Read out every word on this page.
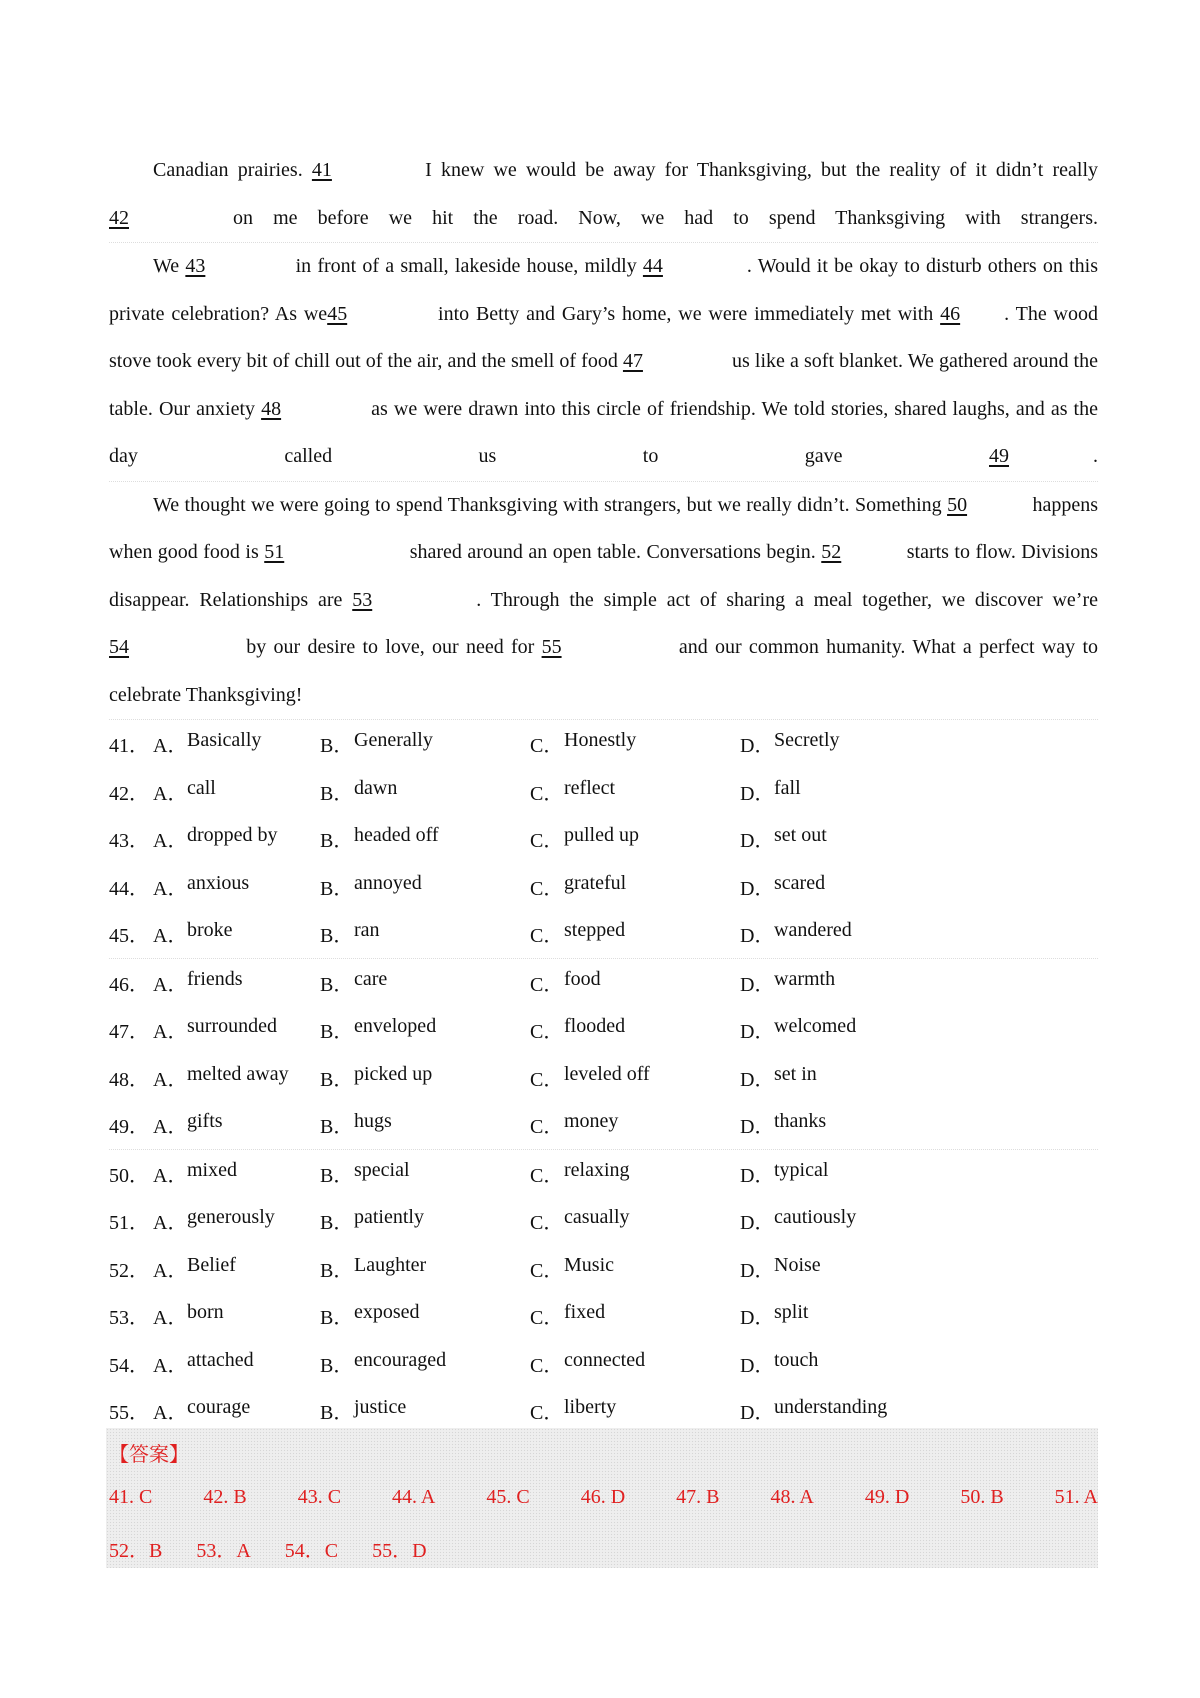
Canadian prairies. 41	I knew we would be away for Thanksgiving, but the reality of it didn’t really 42	on me before we hit the road. Now, we had to spend Thanksgiving with strangers.

We 43	in front of a small, lakeside house, mildly 44	. Would it be okay to disturb others on this private celebration? As we45	into Betty and Gary’s home, we were immediately met with 46 . The wood stove took every bit of chill out of the air, and the smell of food 47	us like a soft blanket. We gathered around the table. Our anxiety 48	as we were drawn into this circle of friendship. We told stories, shared laughs, and as the day called us to gave 49	.

We thought we were going to spend Thanksgiving with strangers, but we really didn’t. Something 50	happens when good food is 51	shared around an open table. Conversations begin. 52	starts to flow. Divisions disappear. Relationships are 53	. Through the simple act of sharing a meal together, we discover we’re 54	by our desire to love, our need for 55	and our common humanity. What a perfect way to celebrate Thanksgiving!

41． A． Basically	B． Generally	C． Honestly	D． Secretly
42． A． call	B． dawn	C． reflect	D． fall
43． A． dropped by B． headed off	C． pulled up	D． set out
44． A． anxious	B． annoyed	C． grateful	D． scared
45． A． broke	B． ran	C． stepped	D． wandered
46． A． friends	B． care	C． food	D． warmth
47． A． surrounded B． enveloped	C． flooded	D． welcomed
48． A． melted away B． picked up	C． leveled off	D． set in
49． A． gifts	B． hugs	C． money	D． thanks
50． A． mixed	B． special	C． relaxing	D． typical
51． A． generously B． patiently	C． casually	D． cautiously
52． A． Belief	B． Laughter	C． Music	D． Noise
53． A． born	B． exposed	C． fixed	D． split
54． A． attached	B． encouraged	C． connected	D． touch
55． A． courage	B． justice	C． liberty	D． understanding
【答案】
41. C	42. B	43. C	44. A	45. C	46. D	47. B	48. A	49. D	50. B	51. A
52．B 53．A 54．C 55．D
